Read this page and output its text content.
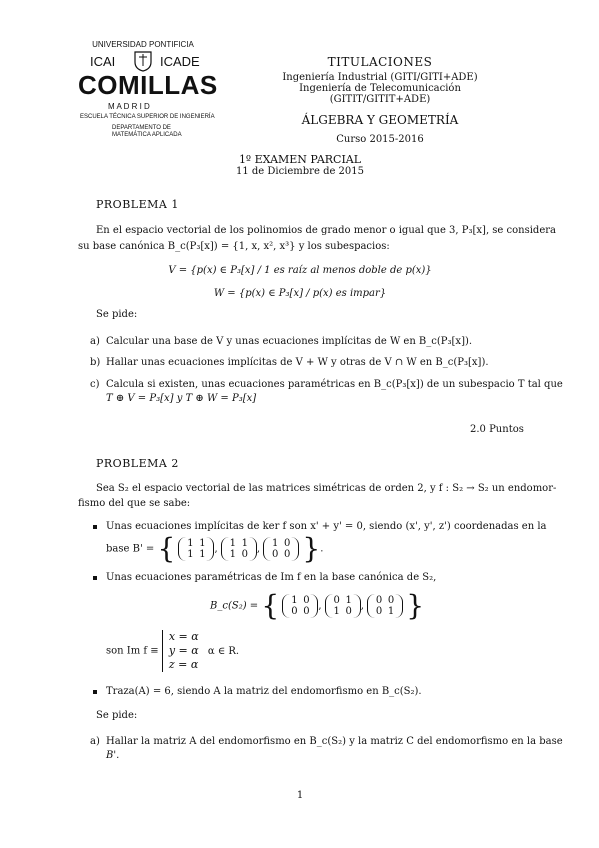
UNIVERSIDAD PONTIFICIA
ICAI	ICADE
COMILLAS
M A D R I D
ESCUELA TÉCNICA SUPERIOR DE INGENIERÍA
DEPARTAMENTO DE
MATEMÁTICA APLICADA
TITULACIONES
Ingeniería Industrial (GITI/GITI+ADE)
Ingeniería de Telecomunicación (GITIT/GITIT+ADE)
ÁLGEBRA Y GEOMETRÍA
Curso 2015-2016
1º EXAMEN PARCIAL
11 de Diciembre de 2015
PROBLEMA 1
En el espacio vectorial de los polinomios de grado menor o igual que 3, P₃[x], se considera
su base canónica B_c(P₃[x]) = {1, x, x², x³} y los subespacios:
V = {p(x) ∈ P₃[x] / 1 es raíz al menos doble de p(x)}
W = {p(x) ∈ P₃[x] / p(x) es impar}
Se pide:
a) Calcular una base de V y unas ecuaciones implícitas de W en B_c(P₃[x]).
b) Hallar unas ecuaciones implícitas de V + W y otras de V ∩ W en B_c(P₃[x]).
c) Calcula si existen, unas ecuaciones paramétricas en B_c(P₃[x]) de un subespacio T tal que
T ⊕ V = P₃[x] y T ⊕ W = P₃[x]
2.0 Puntos
PROBLEMA 2
Sea S₂ el espacio vectorial de las matrices simétricas de orden 2, y f : S₂ → S₂ un endomor-
fismo del que se sabe:
Unas ecuaciones implícitas de ker f son x' + y' = 0, siendo (x', y', z') coordenadas en la
base B' = { 1 1
1 1 , 1 1
1 0 , 1 0
0 0 }.
Unas ecuaciones paramétricas de Im f en la base canónica de S₂,
B_c(S₂) = { 1 0
0 0 , 0 1
1 0 , 0 0
0 1 }
son Im f ≡ x = α
y = α
z = α α ∈ R.
Traza(A) = 6, siendo A la matriz del endomorfismo en B_c(S₂).
Se pide:
a) Hallar la matriz A del endomorfismo en B_c(S₂) y la matriz C del endomorfismo en la base
B'.
1
